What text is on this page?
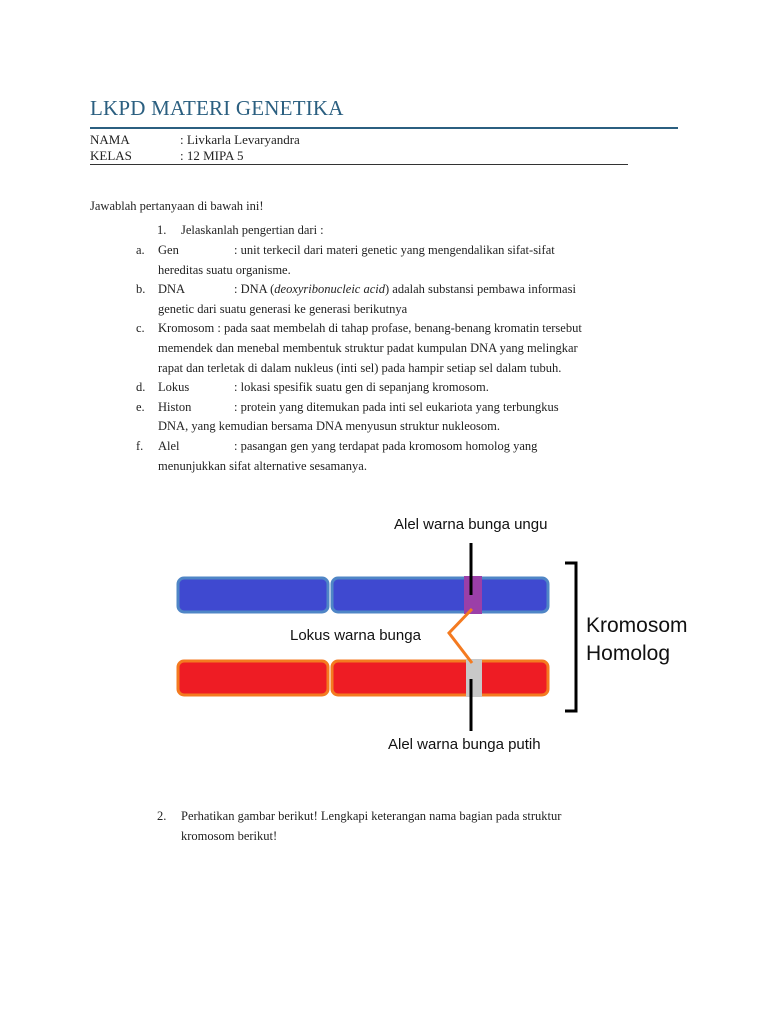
LKPD MATERI GENETIKA
NAMA	: Livkarla Levaryandra
KELAS	: 12 MIPA 5
Jawablah pertanyaan di bawah ini!
1. Jelaskanlah pengertian dari :
a. Gen	: unit terkecil dari materi genetic yang mengendalikan sifat-sifat
hereditas suatu organisme.
b. DNA	: DNA (deoxyribonucleic acid) adalah substansi pembawa informasi
genetic dari suatu generasi ke generasi berikutnya
c. Kromosom : pada saat membelah di tahap profase, benang-benang kromatin tersebut
memendek dan menebal membentuk struktur padat kumpulan DNA yang melingkar
rapat dan terletak di dalam nukleus (inti sel) pada hampir setiap sel dalam tubuh.
d. Lokus	: lokasi spesifik suatu gen di sepanjang kromosom.
e. Histon	: protein yang ditemukan pada inti sel eukariota yang terbungkus
DNA, yang kemudian bersama DNA menyusun struktur nukleosom.
f. Alel	: pasangan gen yang terdapat pada kromosom homolog yang
menunjukkan sifat alternative sesamanya.
Alel warna bunga ungu
Lokus warna bunga
Alel warna bunga putih
Kromosom
Homolog
2. Perhatikan gambar berikut! Lengkapi keterangan nama bagian pada struktur
kromosom berikut!
